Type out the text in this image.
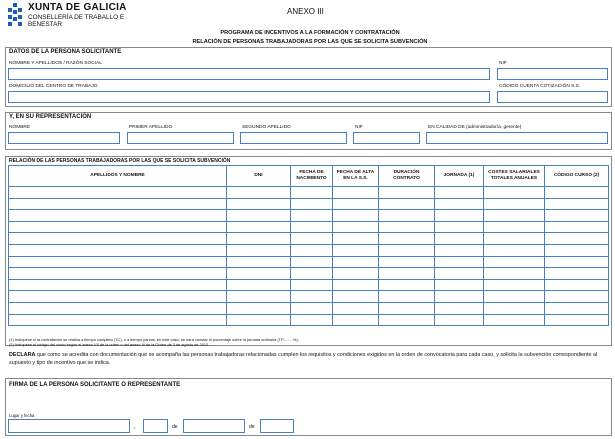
XUNTA DE GALICIA
CONSELLERÍA DE TRABALLO E BENESTAR
ANEXO III
PROGRAMA DE INCENTIVOS A LA FORMACIÓN Y CONTRATACIÓN
RELACIÓN DE PERSONAS TRABAJADORAS POR LAS QUE SE SOLICITA SUBVENCIÓN
DATOS DE LA PERSONA SOLICITANTE
NOMBRE Y APELLIDOS / RAZÓN SOCIAL	NIF
DOMICILIO DEL CENTRO DE TRABAJO	CÓDIGO CUENTA COTIZACIÓN S.S.
Y, EN SU REPRESENTACIÓN
NOMBRE	PRIMER APELLIDO	SEGUNDO APELLIDO	NIF	EN CALIDAD DE (administrador/a, gerente)
RELACIÓN DE LAS PERSONAS TRABAJADORAS POR LAS QUE SE SOLICITA SUBVENCIÓN
APELLIDOS Y NOMBRE	DNI	FECHA DE NACIMIENTO	FECHA DE ALTA EN LA S.S.	DURACIÓN CONTRATO	JORNADA (1)	COSTES SALARIALES TOTALES ANUALES	CÓDIGO CURSO (2)

(1) Indíquese si la contratación se realiza a tiempo completo (TC), o a tiempo parcial; en este caso, se hará constar el porcentaje sobre la jornada ordinaria (TP.........%).
(2) Indíquese el código del curso según el anexo VII de la orden o del anexo III de la Orden de 3 de agosto de 2012.
DECLARA que como se acredita con documentación que se acompaña las personas trabajadoras relacionadas cumplen los requisitos y condiciones exigidos en la orden de convocatoria para cada caso, y solicita la subvención correspondiente al supuesto y tipo de incentivo que se indica.
FIRMA DE LA PERSONA SOLICITANTE O REPRESENTANTE
Lugar y fecha
,	de	de
